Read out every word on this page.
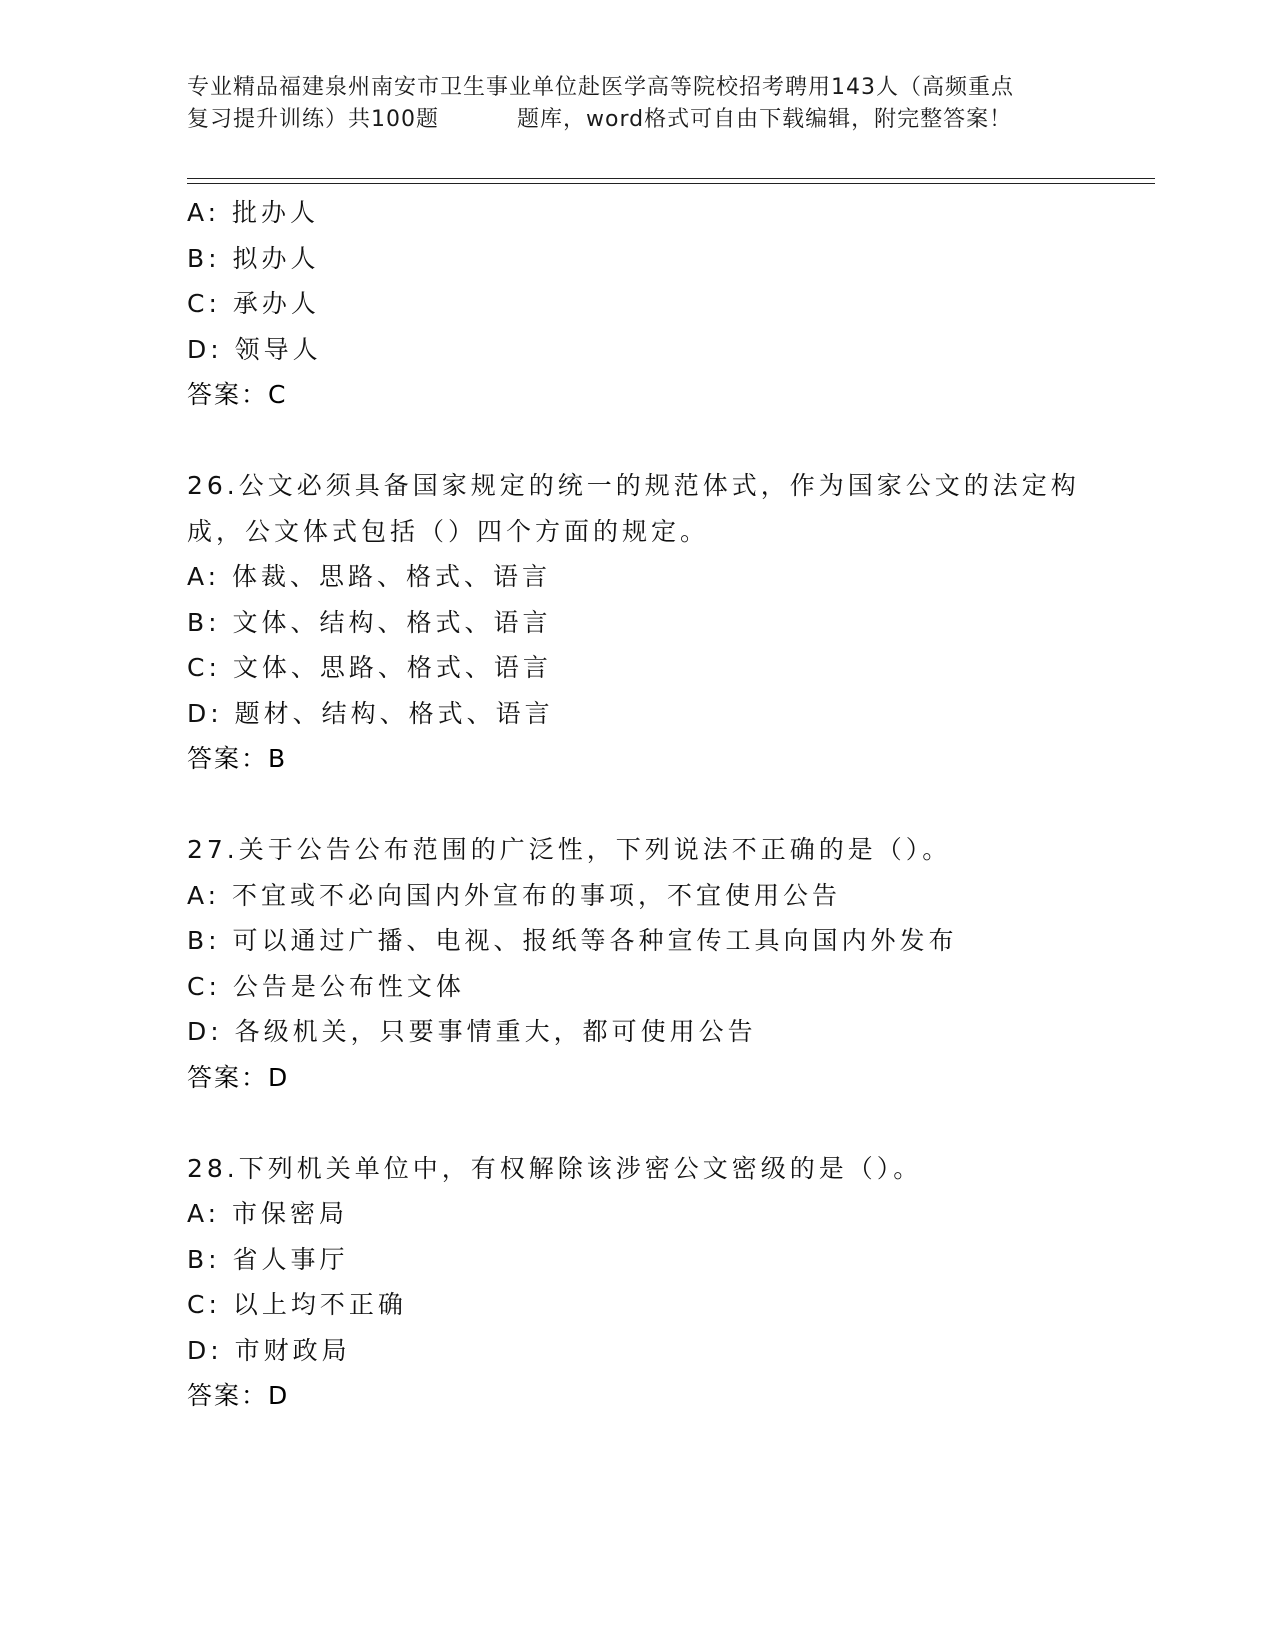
专业精品福建泉州南安市卫生事业单位赴医学高等院校招考聘用143人（高频重点
复习提升训练）共100题	题库，word格式可自由下载编辑，附完整答案！
A: 批办人
B: 拟办人
C: 承办人
D: 领导人
答案：C
26.公文必须具备国家规定的统一的规范体式，作为国家公文的法定构
成，公文体式包括（）四个方面的规定。
A: 体裁、思路、格式、语言
B: 文体、结构、格式、语言
C: 文体、思路、格式、语言
D: 题材、结构、格式、语言
答案：B
27.关于公告公布范围的广泛性，下列说法不正确的是（）。
A: 不宜或不必向国内外宣布的事项，不宜使用公告
B: 可以通过广播、电视、报纸等各种宣传工具向国内外发布
C: 公告是公布性文体
D: 各级机关，只要事情重大，都可使用公告
答案：D
28.下列机关单位中，有权解除该涉密公文密级的是（）。
A: 市保密局
B: 省人事厅
C: 以上均不正确
D: 市财政局
答案：D
